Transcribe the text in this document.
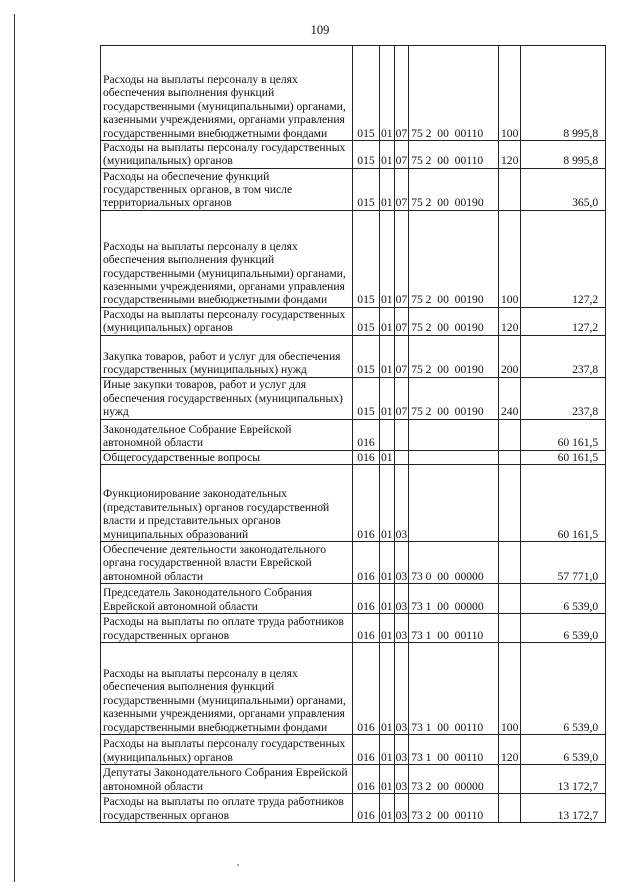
109
Расходы на выплаты персоналу в целях обеспечения выполнения функций государственными (муниципальными) органами, казенными учреждениями, органами управления государственными внебюджетными фондами	015	01	07	75 2  00  00110	100	8 995,8
Расходы на выплаты персоналу государственных (муниципальных) органов	015	01	07	75 2  00  00110	120	8 995,8
Расходы на обеспечение функций государственных органов, в том числе территориальных органов	015	01	07	75 2  00  00190		365,0
Расходы на выплаты персоналу в целях обеспечения выполнения функций государственными (муниципальными) органами, казенными учреждениями, органами управления государственными внебюджетными фондами	015	01	07	75 2  00  00190	100	127,2
Расходы на выплаты персоналу государственных (муниципальных) органов	015	01	07	75 2  00  00190	120	127,2
Закупка товаров, работ и услуг для обеспечения государственных (муниципальных) нужд	015	01	07	75 2  00  00190	200	237,8
Иные закупки товаров, работ и услуг для обеспечения государственных (муниципальных) нужд	015	01	07	75 2  00  00190	240	237,8
Законодательное Собрание Еврейской автономной области	016					60 161,5
Общегосударственные вопросы	016	01				60 161,5
Функционирование законодательных (представительных) органов государственной власти и представительных органов муниципальных образований	016	01	03			60 161,5
Обеспечение деятельности законодательного органа государственной власти Еврейской автономной области	016	01	03	73 0  00  00000		57 771,0
Председатель Законодательного Собрания Еврейской автономной области	016	01	03	73 1  00  00000		6 539,0
Расходы на выплаты по оплате труда работников государственных органов	016	01	03	73 1  00  00110		6 539,0
Расходы на выплаты персоналу в целях обеспечения выполнения функций государственными (муниципальными) органами, казенными учреждениями, органами управления государственными внебюджетными фондами	016	01	03	73 1  00  00110	100	6 539,0
Расходы на выплаты персоналу государственных (муниципальных) органов	016	01	03	73 1  00  00110	120	6 539,0
Депутаты Законодательного Собрания Еврейской автономной области	016	01	03	73 2  00  00000		13 172,7
Расходы на выплаты по оплате труда работников государственных органов	016	01	03	73 2  00  00110		13 172,7
